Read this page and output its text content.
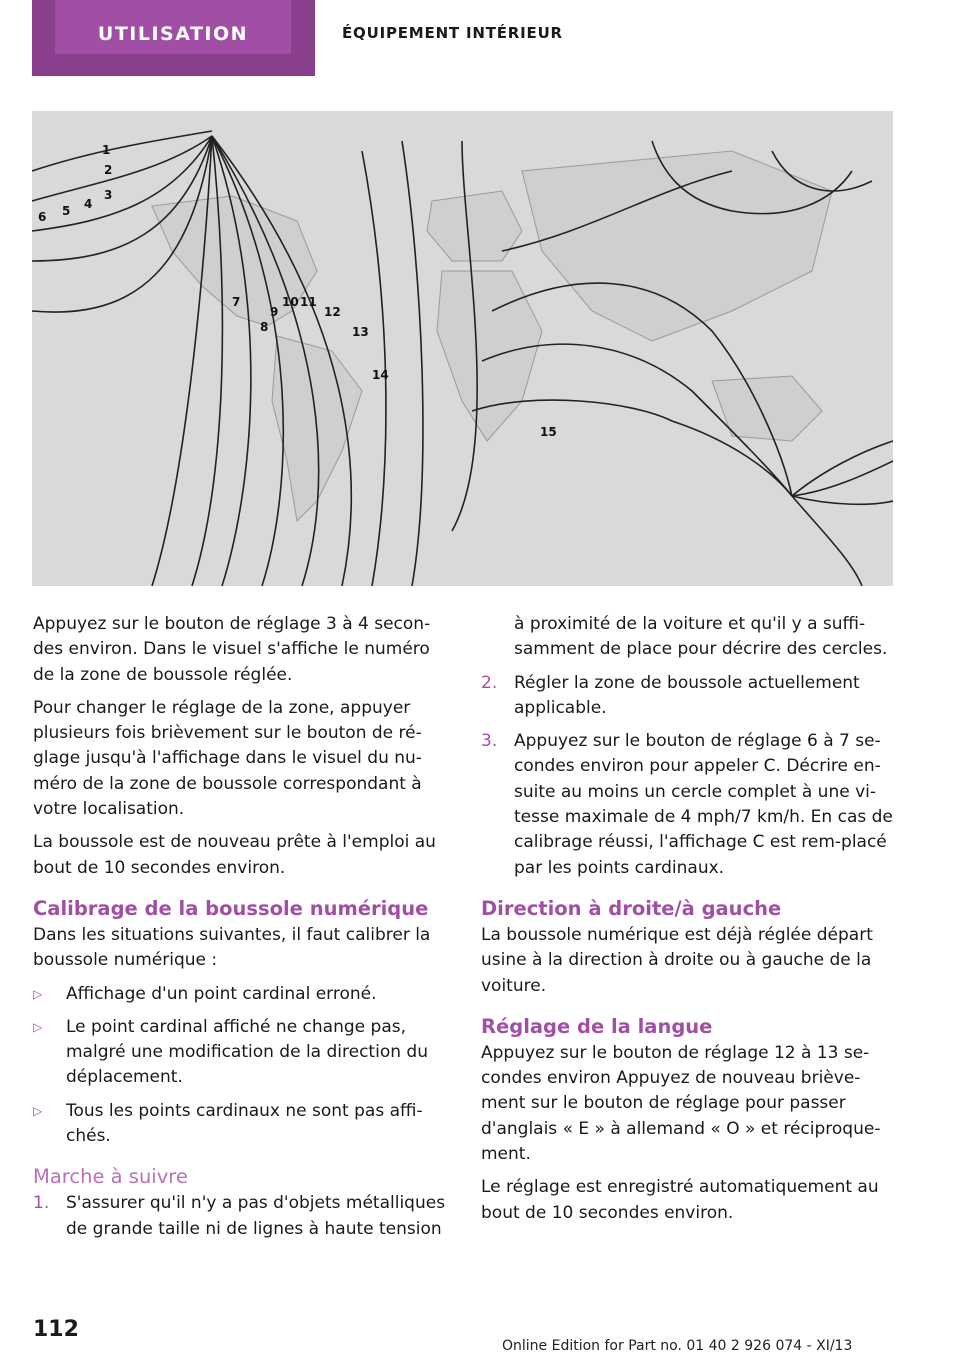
UTILISATION	ÉQUIPEMENT INTÉRIEUR
1
2
3
4
5
6
7
8
9
10 11
12
13
14
15

Appuyez sur le bouton de réglage 3 à 4 secon-des environ. Dans le visuel s'affiche le numéro de la zone de boussole réglée.

Pour changer le réglage de la zone, appuyer plusieurs fois brièvement sur le bouton de ré-glage jusqu'à l'affichage dans le visuel du nu-méro de la zone de boussole correspondant à votre localisation.

La boussole est de nouveau prête à l'emploi au bout de 10 secondes environ.

Calibrage de la boussole numérique

Dans les situations suivantes, il faut calibrer la boussole numérique :

▷ Affichage d'un point cardinal erroné.
▷ Le point cardinal affiché ne change pas, malgré une modification de la direction du déplacement.
▷ Tous les points cardinaux ne sont pas affi-chés.
Marche à suivre
1. S'assurer qu'il n'y a pas d'objets métalliques de grande taille ni de lignes à haute tension
à proximité de la voiture et qu'il y a suffi-samment de place pour décrire des cercles.
2. Régler la zone de boussole actuellement applicable.
3. Appuyez sur le bouton de réglage 6 à 7 se-condes environ pour appeler C. Décrire en-suite au moins un cercle complet à une vi-tesse maximale de 4 mph/7 km/h. En cas de calibrage réussi, l'affichage C est rem-placé par les points cardinaux.
Direction à droite/à gauche

La boussole numérique est déjà réglée départ usine à la direction à droite ou à gauche de la voiture.

Réglage de la langue

Appuyez sur le bouton de réglage 12 à 13 se-condes environ Appuyez de nouveau briève-ment sur le bouton de réglage pour passer d'anglais « E » à allemand « O » et réciproque-ment.

Le réglage est enregistré automatiquement au bout de 10 secondes environ.

112
Online Edition for Part no. 01 40 2 926 074 - XI/13
